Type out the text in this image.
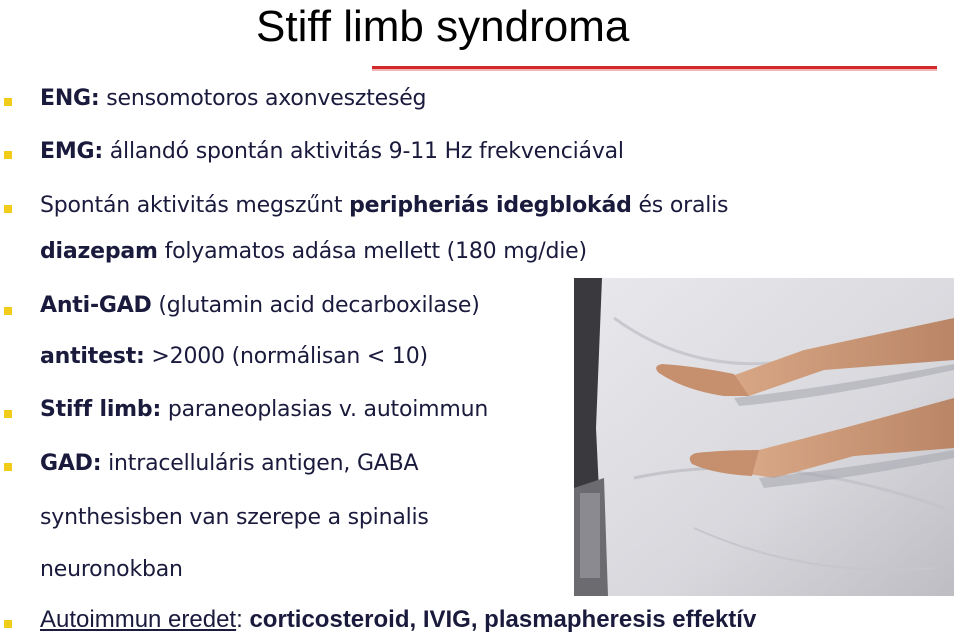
Stiff limb syndroma
ENG: sensomotoros axonveszteség
EMG: állandó spontán aktivitás 9-11 Hz frekvenciával
Spontán aktivitás megszűnt peripheriás idegblokád és oralis
diazepam folyamatos adása mellett (180 mg/die)
Anti-GAD (glutamin acid decarboxilase)
antitest: >2000 (normálisan < 10)
Stiff limb: paraneoplasias v. autoimmun
GAD: intracelluláris antigen, GABA
synthesisben van szerepe a spinalis
neuronokban
Autoimmun eredet: corticosteroid, IVIG, plasmapheresis effektív
